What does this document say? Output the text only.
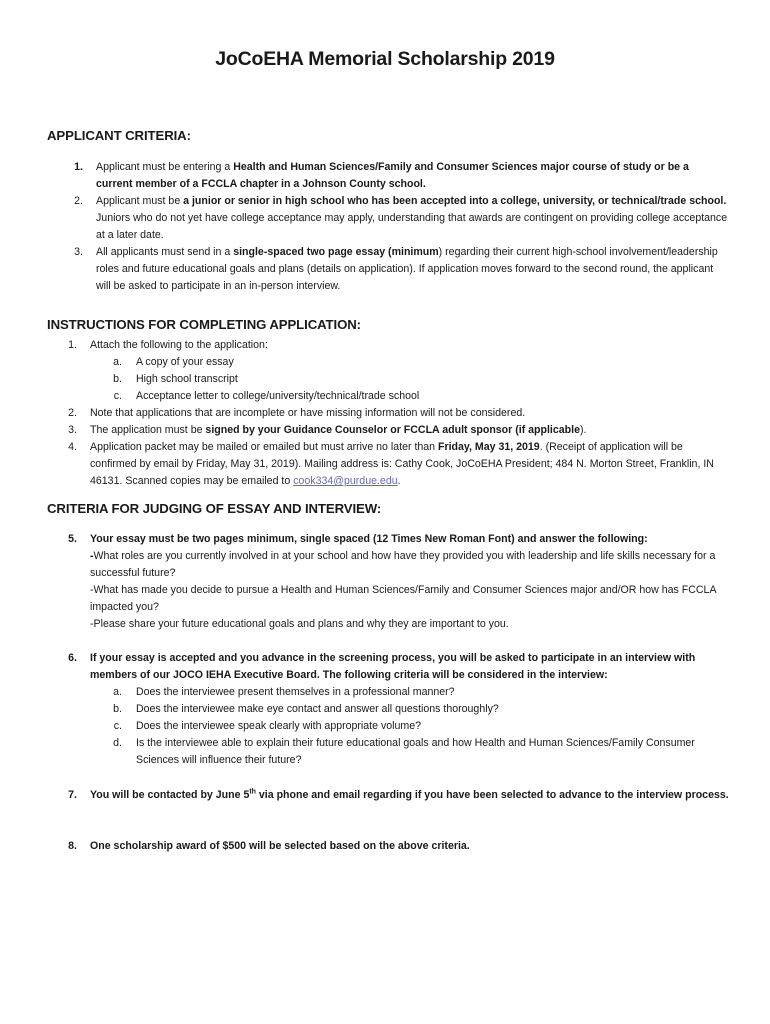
JoCoEHA Memorial Scholarship 2019
APPLICANT CRITERIA:
1. Applicant must be entering a Health and Human Sciences/Family and Consumer Sciences major course of study or be a current member of a FCCLA chapter in a Johnson County school.
2. Applicant must be a junior or senior in high school who has been accepted into a college, university, or technical/trade school. Juniors who do not yet have college acceptance may apply, understanding that awards are contingent on providing college acceptance at a later date.
3. All applicants must send in a single-spaced two page essay (minimum) regarding their current high-school involvement/leadership roles and future educational goals and plans (details on application). If application moves forward to the second round, the applicant will be asked to participate in an in-person interview.
INSTRUCTIONS FOR COMPLETING APPLICATION:
1. Attach the following to the application:
a. A copy of your essay
b. High school transcript
c. Acceptance letter to college/university/technical/trade school
2. Note that applications that are incomplete or have missing information will not be considered.
3. The application must be signed by your Guidance Counselor or FCCLA adult sponsor (if applicable).
4. Application packet may be mailed or emailed but must arrive no later than Friday, May 31, 2019. (Receipt of application will be confirmed by email by Friday, May 31, 2019). Mailing address is: Cathy Cook, JoCoEHA President; 484 N. Morton Street, Franklin, IN 46131. Scanned copies may be emailed to cook334@purdue.edu.
CRITERIA FOR JUDGING OF ESSAY AND INTERVIEW:
5. Your essay must be two pages minimum, single spaced (12 Times New Roman Font) and answer the following:

-What roles are you currently involved in at your school and how have they provided you with leadership and life skills necessary for a successful future?

-What has made you decide to pursue a Health and Human Sciences/Family and Consumer Sciences major and/OR how has FCCLA impacted you?

-Please share your future educational goals and plans and why they are important to you.

6. If your essay is accepted and you advance in the screening process, you will be asked to participate in an interview with members of our JOCO IEHA Executive Board. The following criteria will be considered in the interview:
a. Does the interviewee present themselves in a professional manner?
b. Does the interviewee make eye contact and answer all questions thoroughly?
c. Does the interviewee speak clearly with appropriate volume?
d. Is the interviewee able to explain their future educational goals and how Health and Human Sciences/Family Consumer Sciences will influence their future?
7. You will be contacted by June 5th via phone and email regarding if you have been selected to advance to the interview process.
8. One scholarship award of $500 will be selected based on the above criteria.
